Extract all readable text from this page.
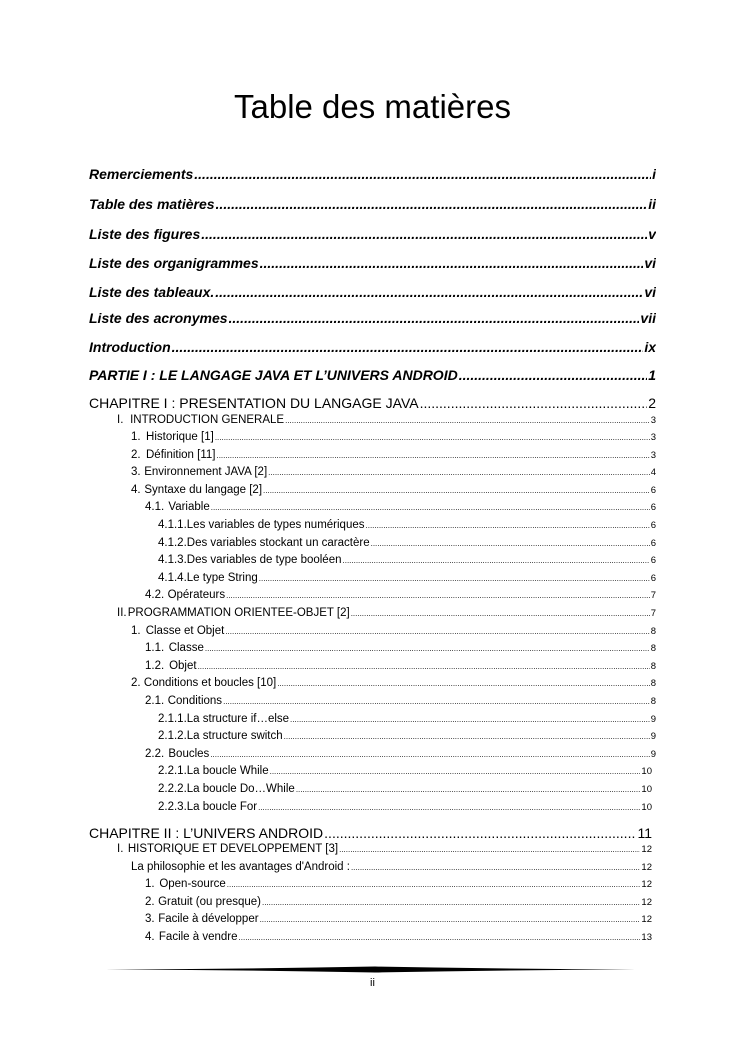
Table des matières
Remerciements .....	i
Table des matières .....	ii
Liste des figures .....	v
Liste des organigrammes .....	vi
Liste des tableaux. .....	vi
Liste des acronymes .....	vii
Introduction .....	ix
PARTIE I : LE LANGAGE JAVA ET L’UNIVERS ANDROID .....	1
CHAPITRE I : PRESENTATION DU LANGAGE JAVA .....	2
I. INTRODUCTION GENERALE .....	3
1. Historique [1] .....	3
2. Définition [11] .....	3
3. Environnement JAVA [2] .....	4
4. Syntaxe du langage [2] .....	6
4.1. Variable .....	6
4.1.1. Les variables de types numériques .....	6
4.1.2. Des variables stockant un caractère .....	6
4.1.3. Des variables de type booléen .....	6
4.1.4. Le type String .....	6
4.2. Opérateurs .....	7
II. PROGRAMMATION ORIENTEE-OBJET [2] .....	7
1. Classe et Objet .....	8
1.1. Classe .....	8
1.2. Objet .....	8
2. Conditions et boucles [10] .....	8
2.1. Conditions .....	8
2.1.1. La structure if…else .....	9
2.1.2. La structure switch .....	9
2.2. Boucles .....	9
2.2.1. La boucle While .....	10
2.2.2. La boucle Do…While .....	10
2.2.3. La boucle For .....	10
CHAPITRE II : L’UNIVERS ANDROID .....	11
I. HISTORIQUE ET DEVELOPPEMENT [3] .....	12
La philosophie et les avantages d'Android : .....	12
1. Open-source .....	12
2. Gratuit (ou presque) .....	12
3. Facile à développer .....	12
4. Facile à vendre .....	13
ii
